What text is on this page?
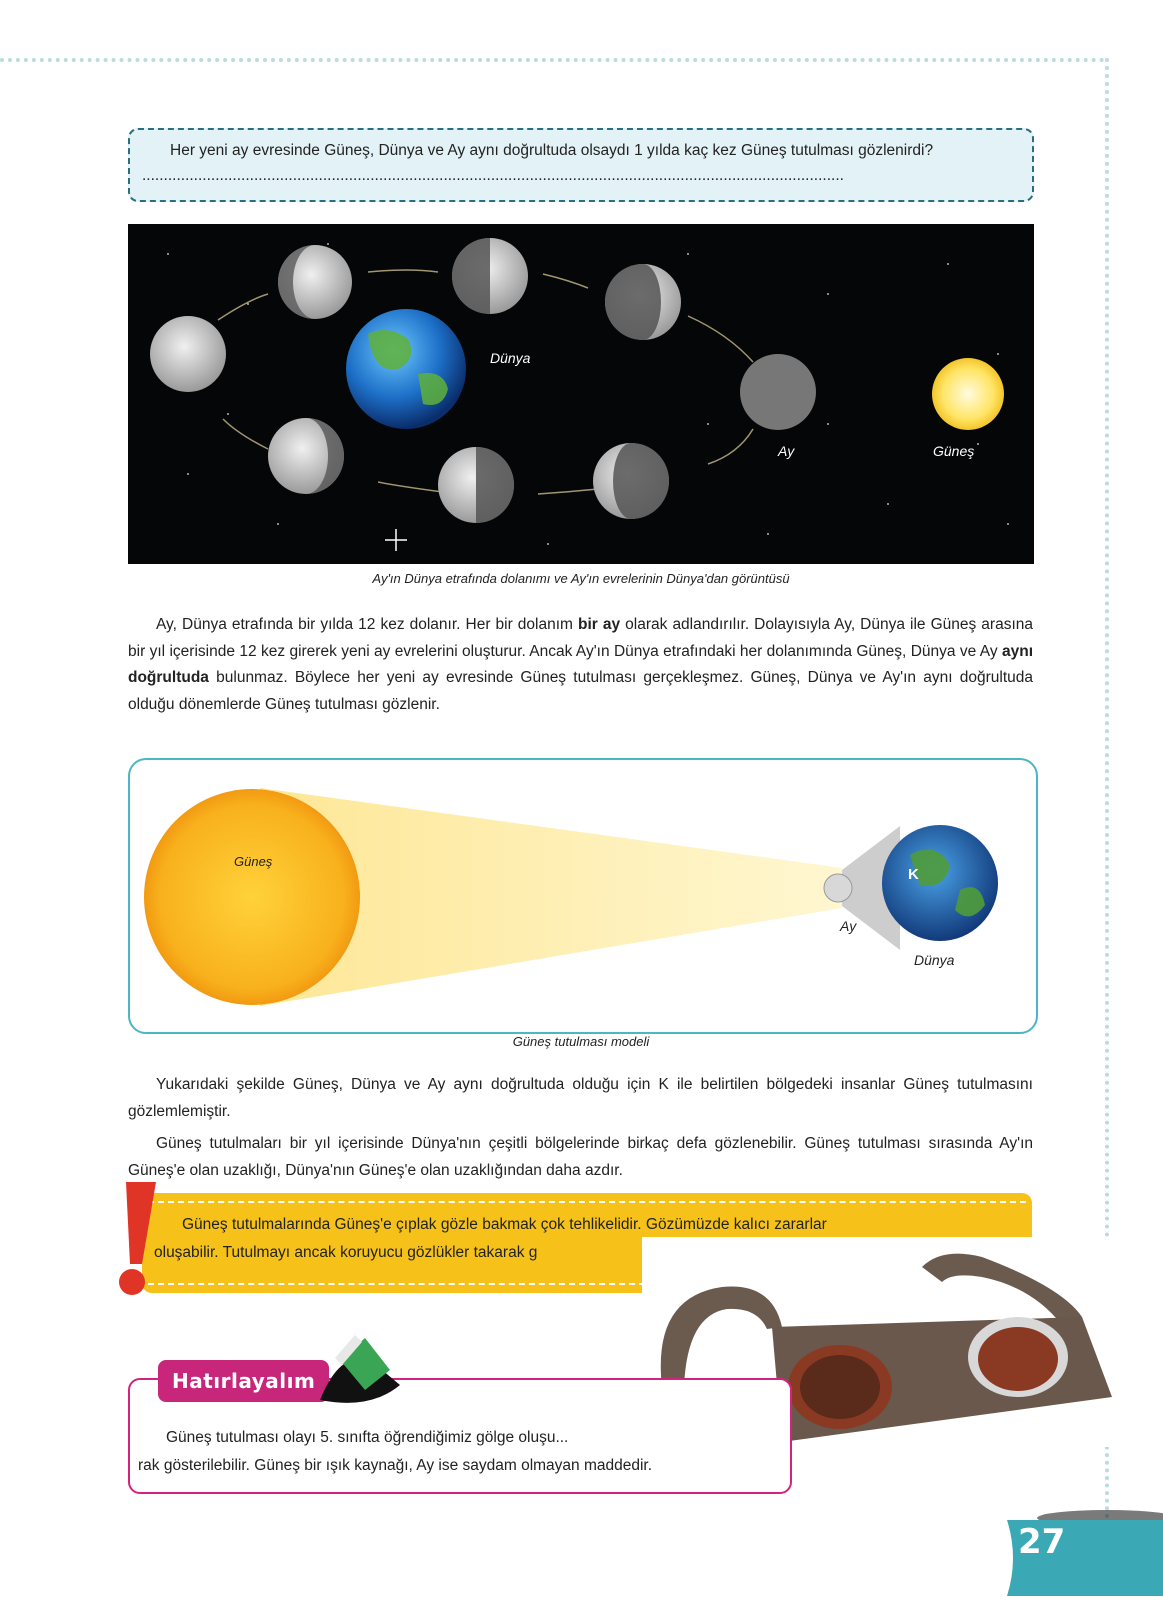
Her yeni ay evresinde Güneş, Dünya ve Ay aynı doğrultuda olsaydı 1 yılda kaç kez Güneş tutulması gözlenirdi? ...................................................................................................................................................................

Dünya
Ay	Güneş
Ay'ın Dünya etrafında dolanımı ve Ay'ın evrelerinin Dünya'dan görüntüsü

Ay, Dünya etrafında bir yılda 12 kez dolanır. Her bir dolanım bir ay olarak adlandırılır. Dolayısıyla Ay, Dünya ile Güneş arasına bir yıl içerisinde 12 kez girerek yeni ay evrelerini oluşturur. Ancak Ay'ın Dünya etrafındaki her dolanımında Güneş, Dünya ve Ay aynı doğrultuda bulunmaz. Böylece her yeni ay evresinde Güneş tutulması gerçekleşmez. Güneş, Dünya ve Ay'ın aynı doğrultuda olduğu dönemlerde Güneş tutulması gözlenir.

Güneş
Ay
Dünya
K
Güneş tutulması modeli

Yukarıdaki şekilde Güneş, Dünya ve Ay aynı doğrultuda olduğu için K ile belirtilen bölgedeki insanlar Güneş tutulmasını gözlemlemiştir.

Güneş tutulmaları bir yıl içerisinde Dünya'nın çeşitli bölgelerinde birkaç defa gözlenebilir. Güneş tutulması sırasında Ay'ın Güneş'e olan uzaklığı, Dünya'nın Güneş'e olan uzaklığından daha azdır.

Güneş tutulmalarında Güneş'e çıplak gözle bakmak çok tehlikelidir. Gözümüzde kalıcı zararlar
oluşabilir. Tutulmayı ancak koruyucu gözlükler takarak g

Güneş tutulması olayı 5. sınıfta öğrendiğimiz gölge oluşu...
rak gösterilebilir. Güneş bir ışık kaynağı, Ay ise saydam olmayan maddedir.

Hatırlayalım
27
